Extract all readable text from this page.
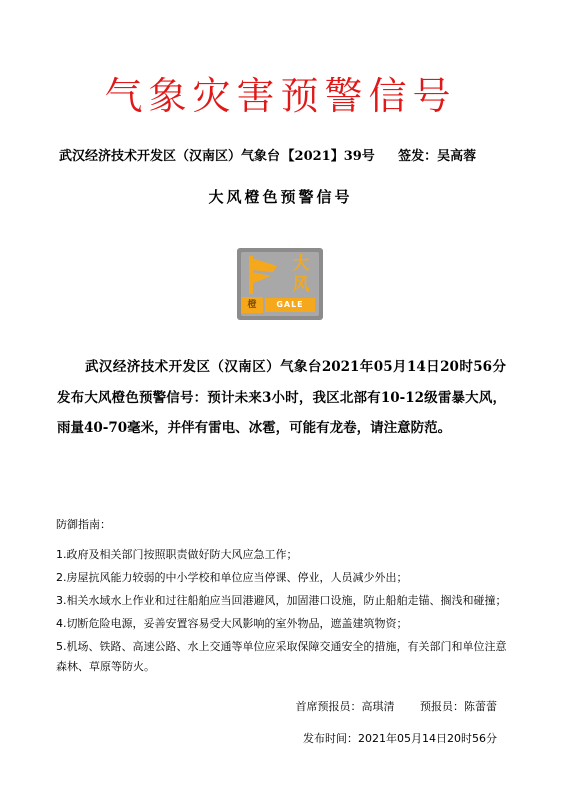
气象灾害预警信号
武汉经济技术开发区（汉南区）气象台 【2021】39号 签发：吴高蓉
大风橙色预警信号
大
风
橙	GALE
武汉经济技术开发区（汉南区）气象台2021年05月14日20时56分发布大风橙色预警信号：预计未来3小时，我区北部有10-12级雷暴大风，雨量40-70毫米，并伴有雷电、冰雹，可能有龙卷，请注意防范。
防御指南：
1.政府及相关部门按照职责做好防大风应急工作；
2.房屋抗风能力较弱的中小学校和单位应当停课、停业，人员减少外出；
3.相关水域水上作业和过往船舶应当回港避风，加固港口设施，防止船舶走锚、搁浅和碰撞；
4.切断危险电源，妥善安置容易受大风影响的室外物品，遮盖建筑物资；
5.机场、铁路、高速公路、水上交通等单位应采取保障交通安全的措施，有关部门和单位注意森林、草原等防火。
首席预报员：高琪清 预报员：陈蕾蕾
发布时间：2021年05月14日20时56分
